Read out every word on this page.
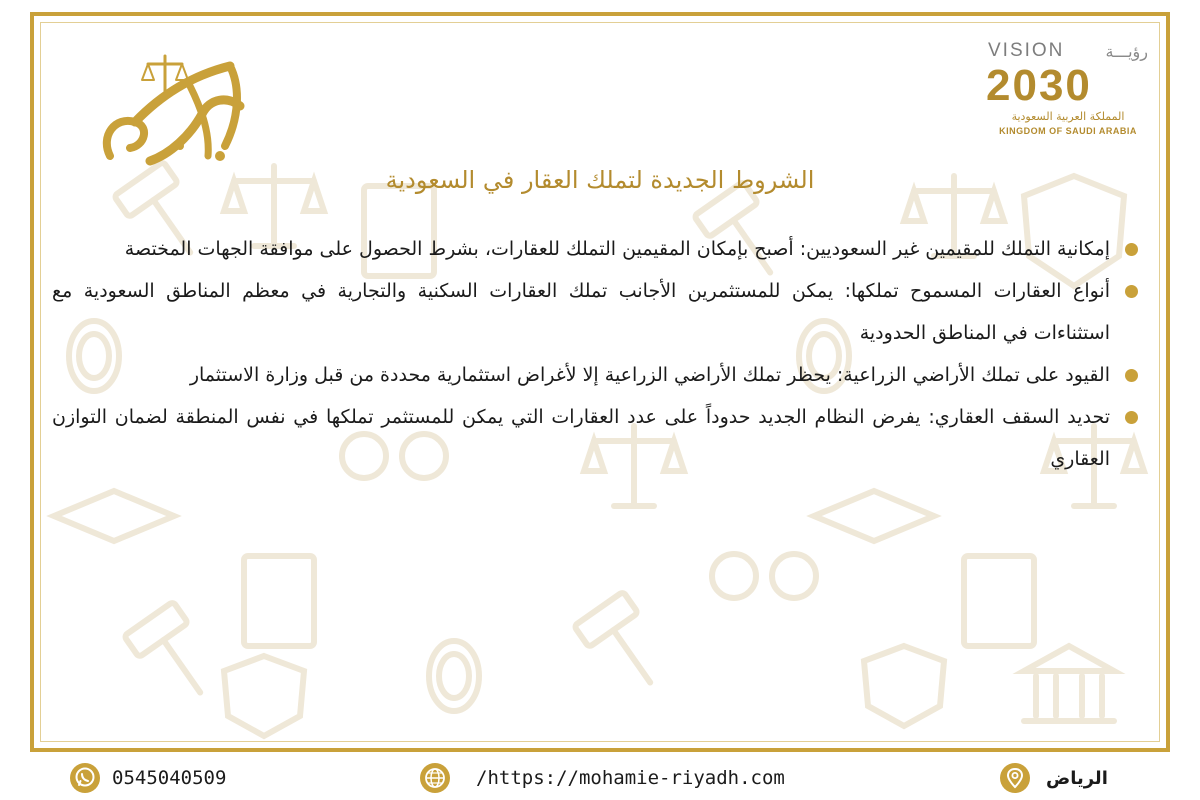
VISION	رؤيـــة
2030
المملكة العربية السعودية
KINGDOM OF SAUDI ARABIA
الشروط الجديدة لتملك العقار في السعودية
إمكانية التملك للمقيمين غير السعوديين: أصبح بإمكان المقيمين التملك للعقارات، بشرط الحصول على موافقة الجهات المختصة
أنواع العقارات المسموح تملكها: يمكن للمستثمرين الأجانب تملك العقارات السكنية والتجارية في معظم المناطق السعودية مع استثناءات في المناطق الحدودية
القيود على تملك الأراضي الزراعية: يحظر تملك الأراضي الزراعية إلا لأغراض استثمارية محددة من قبل وزارة الاستثمار
تحديد السقف العقاري: يفرض النظام الجديد حدوداً على عدد العقارات التي يمكن للمستثمر تملكها في نفس المنطقة لضمان التوازن العقاري
0545040509	/https://mohamie-riyadh.com	الرياض
